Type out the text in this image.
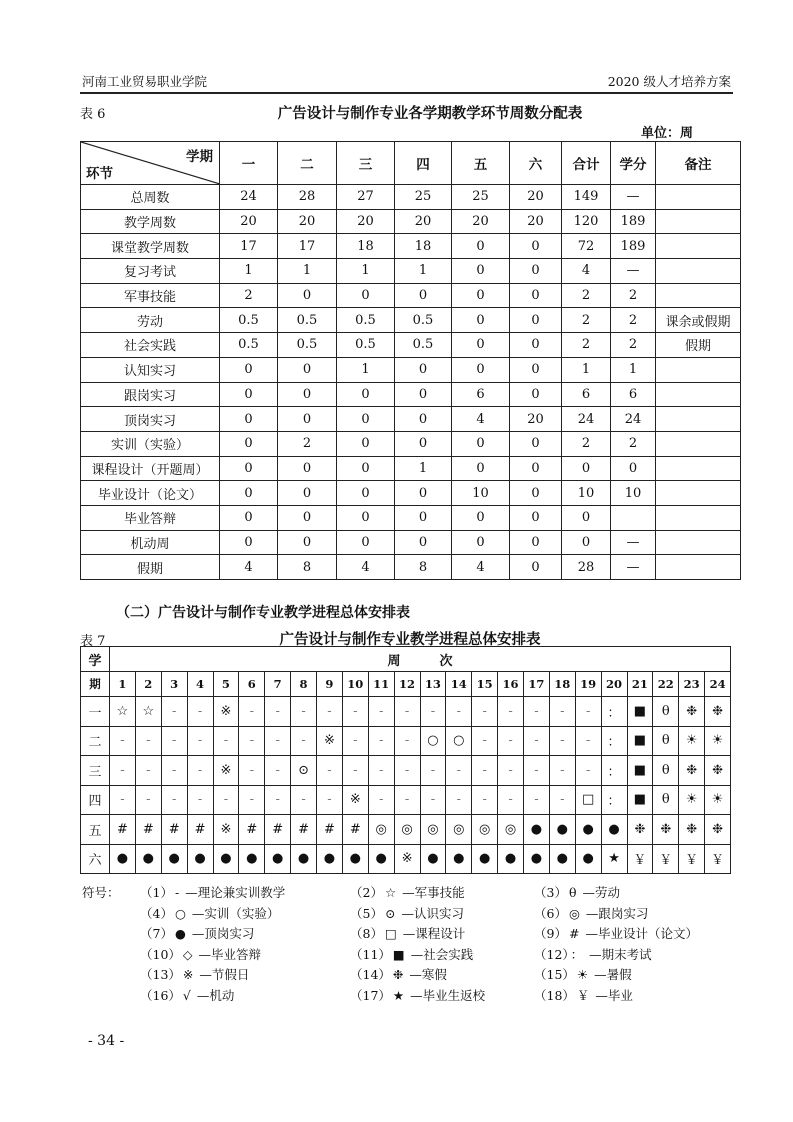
河南工业贸易职业学院	2020 级人才培养方案
表 6	广告设计与制作专业各学期教学环节周数分配表
单位：周
学期
环节	一	二	三	四	五	六	合计	学分	备注
总周数	24	28	27	25	25	20	149	—	
教学周数	20	20	20	20	20	20	120	189	
课堂教学周数	17	17	18	18	0	0	72	189	
复习考试	1	1	1	1	0	0	4	—	
军事技能	2	0	0	0	0	0	2	2	
劳动	0.5	0.5	0.5	0.5	0	0	2	2	课余或假期
社会实践	0.5	0.5	0.5	0.5	0	0	2	2	假期
认知实习	0	0	1	0	0	0	1	1	
跟岗实习	0	0	0	0	6	0	6	6	
顶岗实习	0	0	0	0	4	20	24	24	
实训（实验）	0	2	0	0	0	0	2	2	
课程设计（开题周）	0	0	0	1	0	0	0	0	
毕业设计（论文）	0	0	0	0	10	0	10	10	
毕业答辩	0	0	0	0	0	0	0		
机动周	0	0	0	0	0	0	0	—	
假期	4	8	4	8	4	0	28	—	
（二）广告设计与制作专业教学进程总体安排表
表 7	广告设计与制作专业教学进程总体安排表
学	周　　　次																							
期	1	2	3	4	5	6	7	8	9	10	11	12	13	14	15	16	17	18	19	20	21	22	23	24
一	☆	☆	-	-	※	-	-	-	-	-	-	-	-	-	-	-	-	-	-	：	■	θ	❉	❉
二	-	-	-	-	-	-	-	-	※	-	-	-	○	○	-	-	-	-	-	：	■	θ	☀	☀
三	-	-	-	-	※	-	-	⊙	-	-	-	-	-	-	-	-	-	-	-	：	■	θ	❉	❉
四	-	-	-	-	-	-	-	-	-	※	-	-	-	-	-	-	-	-	□	：	■	θ	☀	☀
五	#	#	#	#	※	#	#	#	#	#	◎	◎	◎	◎	◎	◎	●	●	●	●	❉	❉	❉	❉
六	●	●	●	●	●	●	●	●	●	●	●	※	●	●	●	●	●	●	●	★	￥	￥	￥	￥
符号： （1） - —理论兼实训教学	（2） ☆ —军事技能	（3） θ —劳动
（4） ○ —实训（实验）	（5） ⊙ —认识实习	（6） ◎ —跟岗实习
（7） ● —顶岗实习	（8） □ —课程设计	（9） # —毕业设计（论文）
（10） ◇ —毕业答辩	（11） ■ —社会实践	（12） ： —期末考试
（13） ※ —节假日	（14） ❉ —寒假	（15） ☀ —暑假
（16） √ —机动	（17） ★ —毕业生返校	（18） ￥ —毕业
- 34 -
